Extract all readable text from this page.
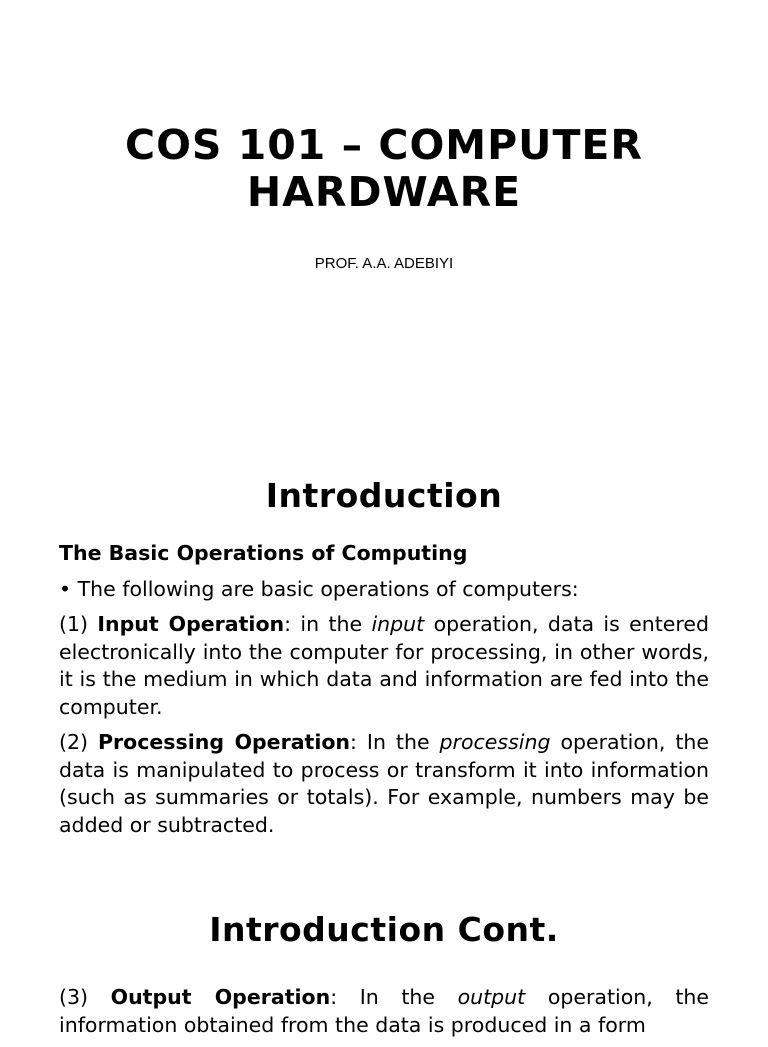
COS 101 – COMPUTER HARDWARE
PROF. A.A. ADEBIYI
Introduction

The Basic Operations of Computing

• The following are basic operations of computers:

(1) Input Operation: in the input operation, data is entered electronically into the computer for processing, in other words, it is the medium in which data and information are fed into the computer.

(2) Processing Operation: In the processing operation, the data is manipulated to process or transform it into information (such as summaries or totals). For example, numbers may be added or subtracted.

Introduction Cont.

(3) Output Operation: In the output operation, the information obtained from the data is produced in a form
